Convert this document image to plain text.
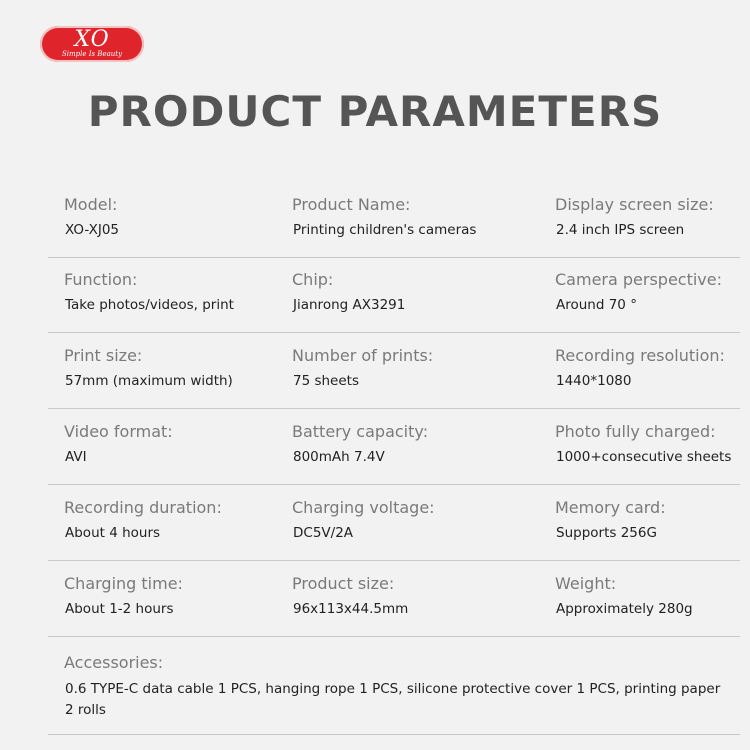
XO
Simple Is Beauty
PRODUCT PARAMETERS
Model:
XO-XJ05
Product Name:
Printing children's cameras
Display screen size:
2.4 inch IPS screen
Function:
Take photos/videos, print
Chip:
Jianrong AX3291
Camera perspective:
Around 70 °
Print size:
57mm (maximum width)
Number of prints:
75 sheets
Recording resolution:
1440*1080
Video format:
AVI
Battery capacity:
800mAh 7.4V
Photo fully charged:
1000+consecutive sheets
Recording duration:
About 4 hours
Charging voltage:
DC5V/2A
Memory card:
Supports 256G
Charging time:
About 1-2 hours
Product size:
96x113x44.5mm
Weight:
Approximately 280g
Accessories:
0.6 TYPE-C data cable 1 PCS, hanging rope 1 PCS, silicone protective cover 1 PCS, printing paper 2 rolls
